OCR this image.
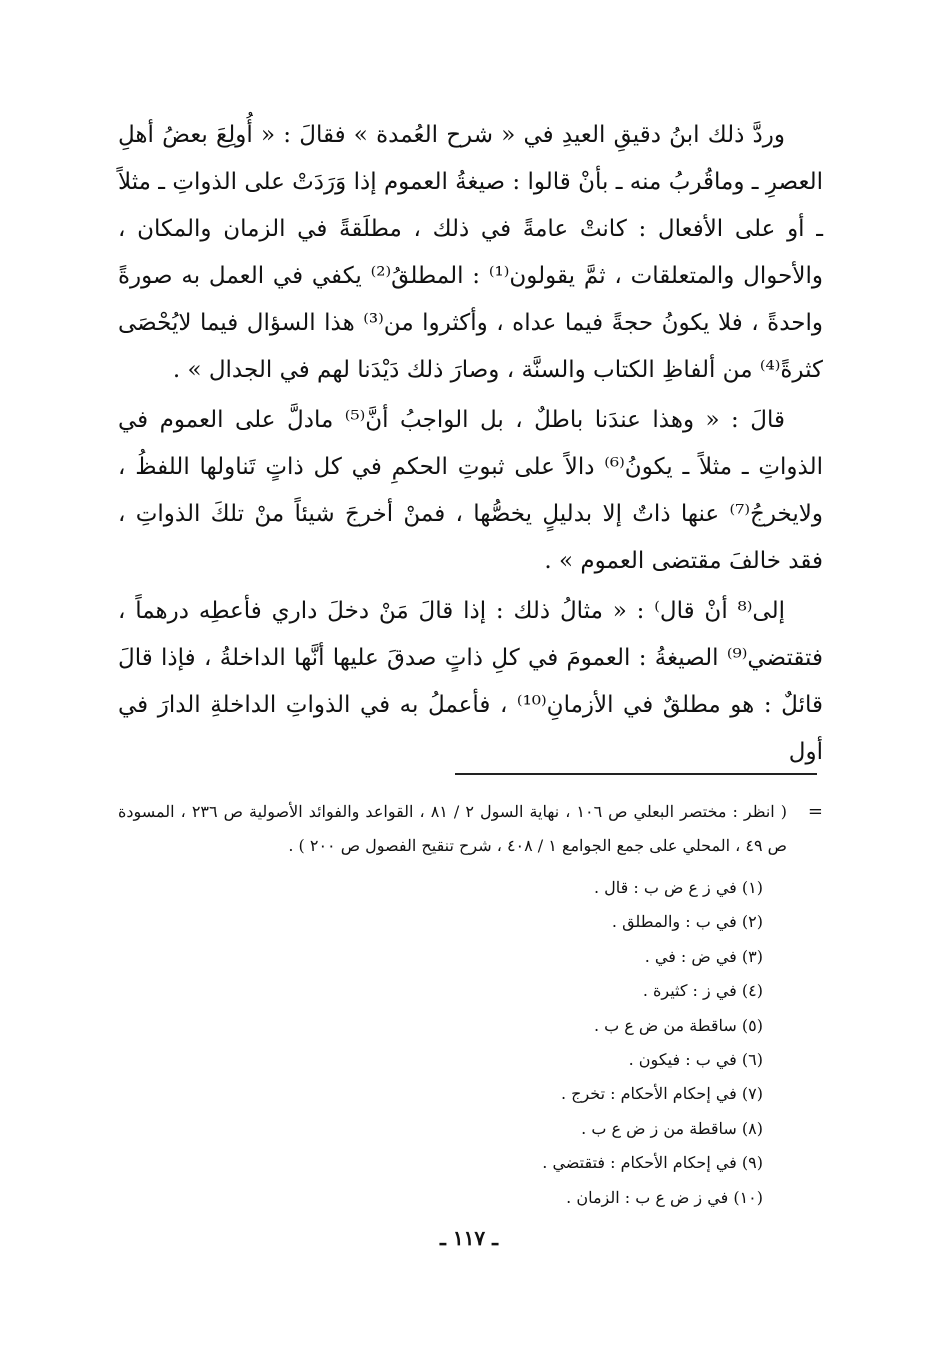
وردَّ ذلك ابنُ دقيقِ العيدِ في « شرح العُمدة » فقالَ : « أُولِعَ بعضُ أهلِ العصرِ ـ وماقُربُ منه ـ بأنْ قالوا : صيغةُ العموم إذا وَرَدَتْ على الذواتِ ـ مثلاً ـ أو على الأفعال : كانتْ عامةً في ذلك ، مطلَقةً في الزمان والمكان ، والأحوال والمتعلقات ، ثمَّ يقولون⁽¹⁾ : المطلقُ⁽²⁾ يكفي في العمل به صورةً واحدةً ، فلا يكونُ حجةً فيما عداه ، وأكثروا من⁽³⁾ هذا السؤال فيما لايُحْصَى كثرةً⁽⁴⁾ من ألفاظِ الكتاب والسنَّة ، وصارَ ذلك دَيْدَنا لهم في الجدال » .

قالَ : « وهذا عندَنا باطلٌ ، بل الواجبُ أنَّ⁽⁵⁾ مادلَّ على العموم في الذواتِ ـ مثلاً ـ يكونُ⁽⁶⁾ دالاً على ثبوتِ الحكمِ في كل ذاتٍ تَناولها اللفظُ ، ولايخرجُ⁽⁷⁾ عنها ذاتٌ إلا بدليلٍ يخصُّها ، فمنْ أخرجَ شيئاً منْ تلكَ الذواتِ ، فقد خالفَ مقتضى العموم » .

إلى⁽⁸ أنْ قال⁾ : « مثالُ ذلك : إذا قالَ مَنْ دخلَ داري فأعطِه درهماً ، فتقتضي⁽⁹⁾ الصيغةُ : العمومَ في كلِ ذاتٍ صدقَ عليها أنَّها الداخلةُ ، فإذا قالَ قائلٌ : هو مطلقٌ في الأزمانِ⁽¹⁰⁾ ، فأعملُ به في الذواتِ الداخلةِ الدارَ في أول

=
( انظر : مختصر البعلي ص ١٠٦ ، نهاية السول ٢ / ٨١ ، القواعد والفوائد الأصولية ص ٢٣٦ ، المسودة ص ٤٩ ، المحلي على جمع الجوامع ١ / ٤٠٨ ، شرح تنقيح الفصول ص ٢٠٠ ) .
(١) في ز ع ض ب : قال .
(٢) في ب : والمطلق .
(٣) في ض : في .
(٤) في ز : كثيرة .
(٥) ساقطة من ض ع ب .
(٦) في ب : فيكون .
(٧) في إحكام الأحكام : تخرج .
(٨) ساقطة من ز ض ع ب .
(٩) في إحكام الأحكام : فتقتضي .
(١٠) في ز ض ع ب : الزمان .
ـ ١١٧ ـ
